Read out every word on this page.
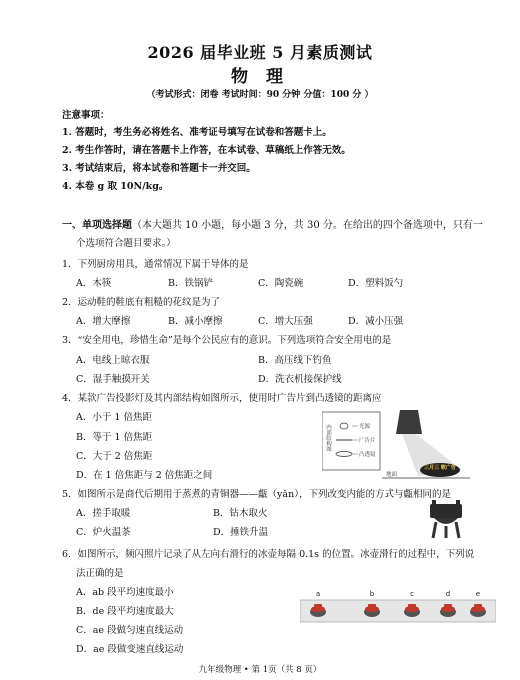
2026 届毕业班 5 月素质测试
物 理
（考试形式：闭卷 考试时间：90 分钟 分值：100 分 ）
注意事项：
1. 答题时，考生务必将姓名、准考证号填写在试卷和答题卡上。
2. 考生作答时，请在答题卡上作答，在本试卷、草稿纸上作答无效。
3. 考试结束后，将本试卷和答题卡一并交回。
4. 本卷 g 取 10N/kg。
一、单项选择题（本大题共 10 小题，每小题 3 分，共 30 分。在给出的四个备选项中，只有一
个选项符合题目要求。）
1．下列厨房用具，通常情况下属于导体的是
A．木筷	B．铁锅铲	C．陶瓷碗	D．塑料饭勺
2．运动鞋的鞋底有粗糙的花纹是为了
A．增大摩擦	B．减小摩擦	C．增大压强	D．减小压强
3．“安全用电，珍惜生命”是每个公民应有的意识。下列选项符合安全用电的是
A．电线上晾衣服	B．高压线下钓鱼
C．湿手触摸开关	D．洗衣机接保护线
4．某款广告投影灯及其内部结构如图所示，使用时广告片到凸透镜的距离应
A．小于 1 倍焦距
B．等于 1 倍焦距
C．大于 2 倍焦距
D．在 1 倍焦距与 2 倍焦距之间
内部结构图	光源
广告片
凸透镜
三月三 歌广告
地面
5．如图所示是商代后期用于蒸煮的青铜器——甗（yǎn），下列改变内能的方式与甗相同的是
A．搓手取暖	B．钻木取火
C．炉火温茶	D．捶铁升温
6．如图所示，频闪照片记录了从左向右滑行的冰壶每隔 0.1s 的位置。冰壶滑行的过程中，下列说
法正确的是
A．ab 段平均速度最小
B．de 段平均速度最大
C．ae 段做匀速直线运动
D．ae 段做变速直线运动
a	b	c	d	e
九年级物理 • 第 1页（共 8 页）
